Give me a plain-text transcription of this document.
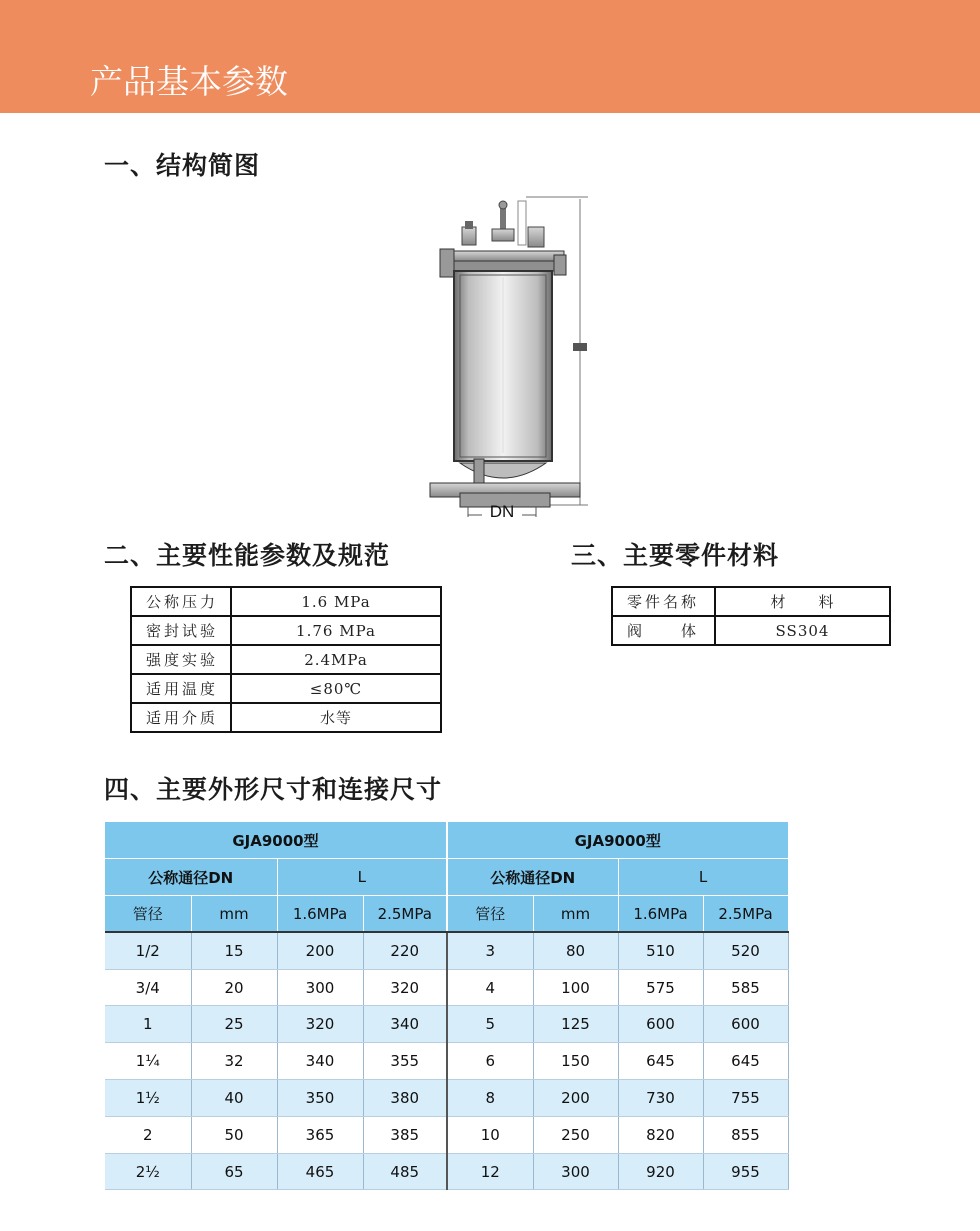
产品基本参数
一、结构简图
DN
二、主要性能参数及规范	三、主要零件材料
公称压力	1.6 MPa
密封试验	1.76 MPa
强度实验	2.4MPa
适用温度	≤80℃
适用介质	水等
零件名称	材　　料
阀　　体	SS304
四、主要外形尺寸和连接尺寸
GJA9000型				GJA9000型			
公称通径DN		L		公称通径DN		L	
管径	mm	1.6MPa	2.5MPa	管径	mm	1.6MPa	2.5MPa
1/2	15	200	220	3	80	510	520
3/4	20	300	320	4	100	575	585
1	25	320	340	5	125	600	600
1¼	32	340	355	6	150	645	645
1½	40	350	380	8	200	730	755
2	50	365	385	10	250	820	855
2½	65	465	485	12	300	920	955
